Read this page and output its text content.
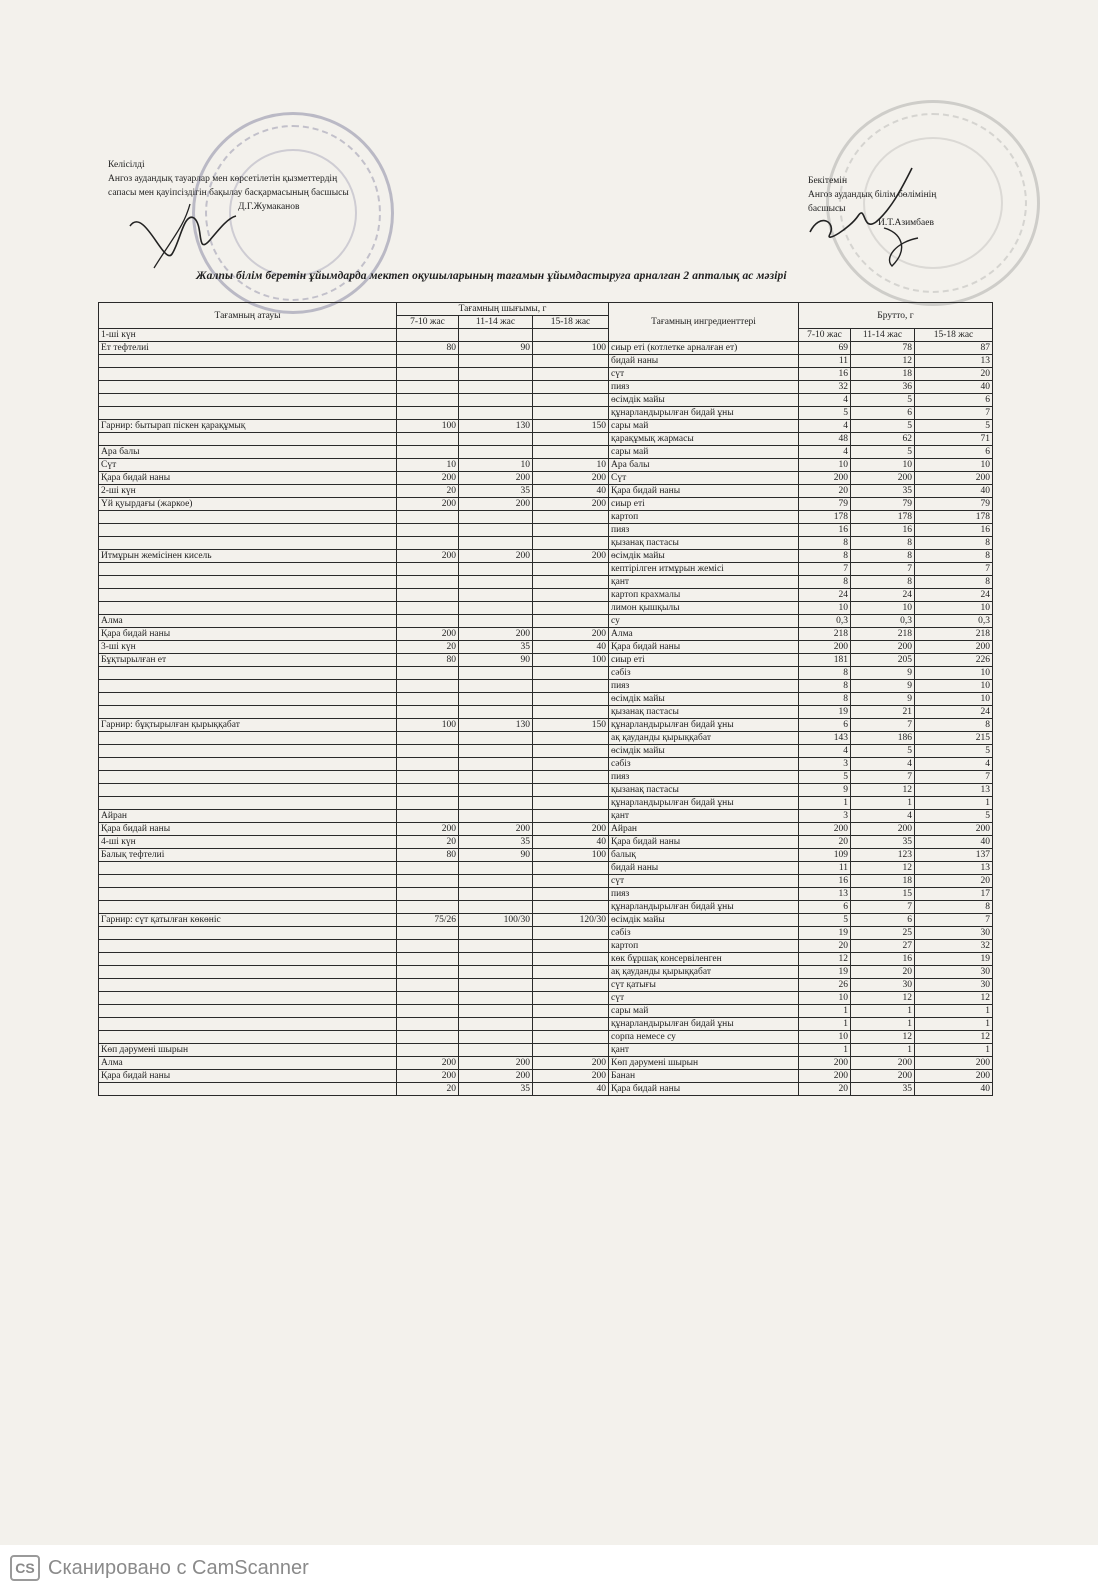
Келісілді
Ангоз аудандық тауарлар мен көрсетілетін қызметтердің
сапасы мен қауіпсіздігін бақылау басқармасының басшысы
Д.Г.Жумаканов
Бекітемін
Ангоз аудандық білім бөлімінің
басшысы
И.Т.Азимбаев
Жалпы білім беретін ұйымдарда мектеп оқушыларының тағамын ұйымдастыруға арналған 2 апталық ас мәзірі
Тағамның атауы	Тағамның шығымы, г			Тағамның ингредиенттері	Брутто, г		
	7-10 жас	11-14 жас	15-18 жас				
1-ші күн					7-10 жас	11-14 жас	15-18 жас
Ет тефтелиі	80	90	100	сиыр еті (котлетке арналған ет)	69	78	87
				бидай наны	11	12	13
				сүт	16	18	20
				пияз	32	36	40
				өсімдік майы	4	5	6
				құнарландырылған бидай ұны	5	6	7
Гарнир: бытырап піскен қарақұмық	100	130	150	сары май	4	5	5
				қарақұмық жармасы	48	62	71
Ара балы				сары май	4	5	6
Сүт	10	10	10	Ара балы	10	10	10
Қара бидай наны	200	200	200	Сүт	200	200	200
2-ші күн	20	35	40	Қара бидай наны	20	35	40
Үй қуырдағы (жаркое)	200	200	200	сиыр еті	79	79	79
				картоп	178	178	178
				пияз	16	16	16
				қызанақ пастасы	8	8	8
Итмұрын жемісінен кисель	200	200	200	өсімдік майы	8	8	8
				кептірілген итмұрын жемісі	7	7	7
				қант	8	8	8
				картоп крахмалы	24	24	24
				лимон қышқылы	10	10	10
Алма				су	0,3	0,3	0,3
Қара бидай наны	200	200	200	Алма	218	218	218
3-ші күн	20	35	40	Қара бидай наны	200	200	200
Бұқтырылған ет	80	90	100	сиыр еті	181	205	226
				сәбіз	8	9	10
				пияз	8	9	10
				өсімдік майы	8	9	10
				қызанақ пастасы	19	21	24
Гарнир: бұқтырылған қырыққабат	100	130	150	құнарландырылған бидай ұны	6	7	8
				ақ қауданды қырыққабат	143	186	215
				өсімдік майы	4	5	5
				сәбіз	3	4	4
				пияз	5	7	7
				қызанақ пастасы	9	12	13
				құнарландырылған бидай ұны	1	1	1
Айран				қант	3	4	5
Қара бидай наны	200	200	200	Айран	200	200	200
4-ші күн	20	35	40	Қара бидай наны	20	35	40
Балық тефтелиі	80	90	100	балық	109	123	137
				бидай наны	11	12	13
				сүт	16	18	20
				пияз	13	15	17
				құнарландырылған бидай ұны	6	7	8
Гарнир: сүт қатылған көкөніс	75/26	100/30	120/30	өсімдік майы	5	6	7
				сәбіз	19	25	30
				картоп	20	27	32
				көк бұршақ консервіленген	12	16	19
				ақ қауданды қырыққабат	19	20	30
				сүт қатығы	26	30	30
				сүт	10	12	12
				сары май	1	1	1
				құнарландырылған бидай ұны	1	1	1
				сорпа немесе су	10	12	12
Көп дәрумені шырын				қант	1	1	1
Алма	200	200	200	Көп дәрумені шырын	200	200	200
Қара бидай наны	200	200	200	Банан	200	200	200
	20	35	40	Қара бидай наны	20	35	40
CS Сканировано с CamScanner
